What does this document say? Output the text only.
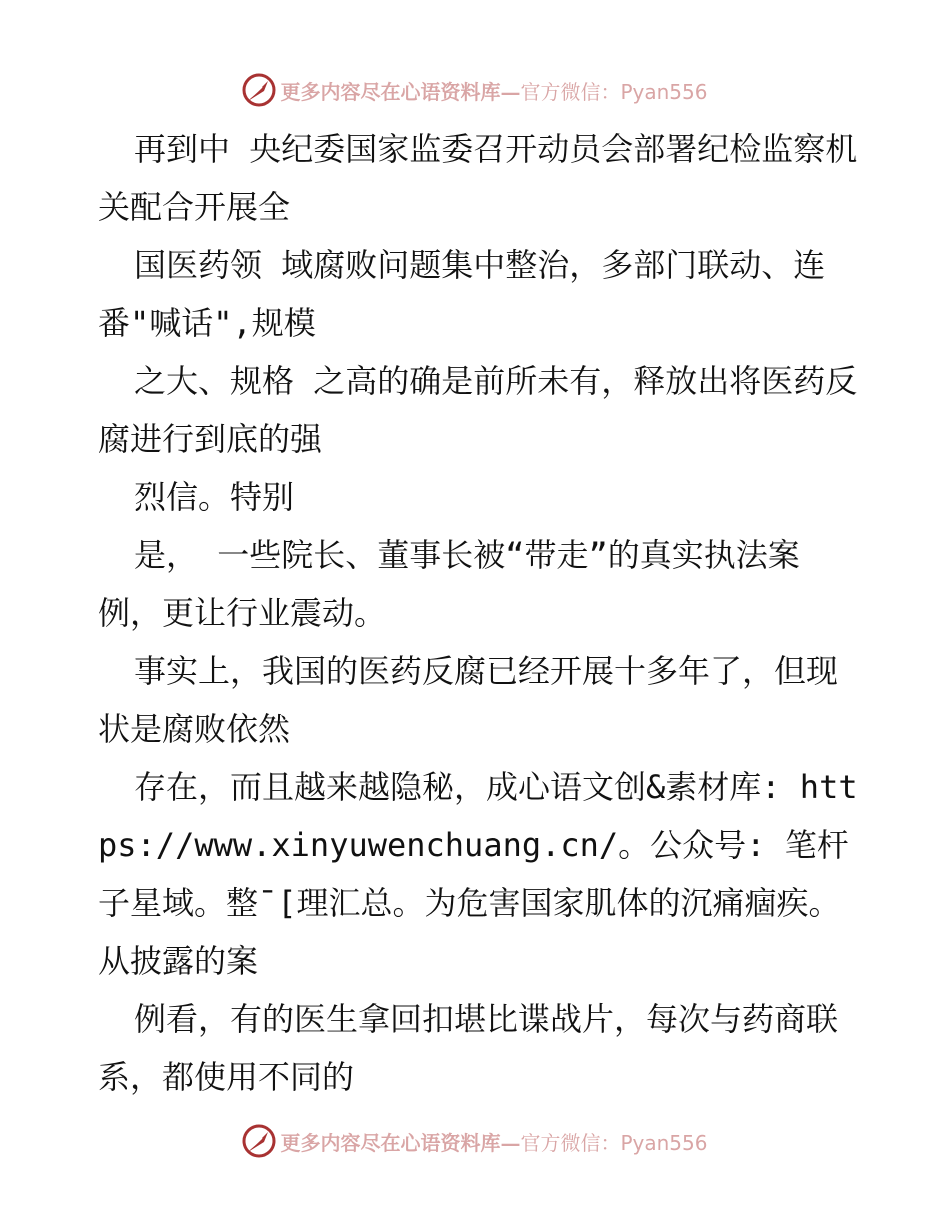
更多内容尽在心语资料库— 官方微信：Pyan556

再到中 央纪委国家监委召开动员会部署纪检监察机关配合开展全

国医药领 域腐败问题集中整治，多部门联动、连番"喊话",规模

之大、规格 之高的确是前所未有，释放出将医药反腐进行到底的强

烈信。特别

是， 一些院长、董事长被“带走”的真实执法案例，更让行业震动。

事实上，我国的医药反腐已经开展十多年了，但现状是腐败依然

存在，而且越来越隐秘，成心语文创&素材库: https://www.xinyuwenchuang.cn/。公众号: 笔杆子星域。整¯[理汇总。为危害国家肌体的沉痛痼疾。从披露的案

例看，有的医生拿回扣堪比谍战片，每次与药商联系，都使用不同的

更多内容尽在心语资料库— 官方微信：Pyan556
